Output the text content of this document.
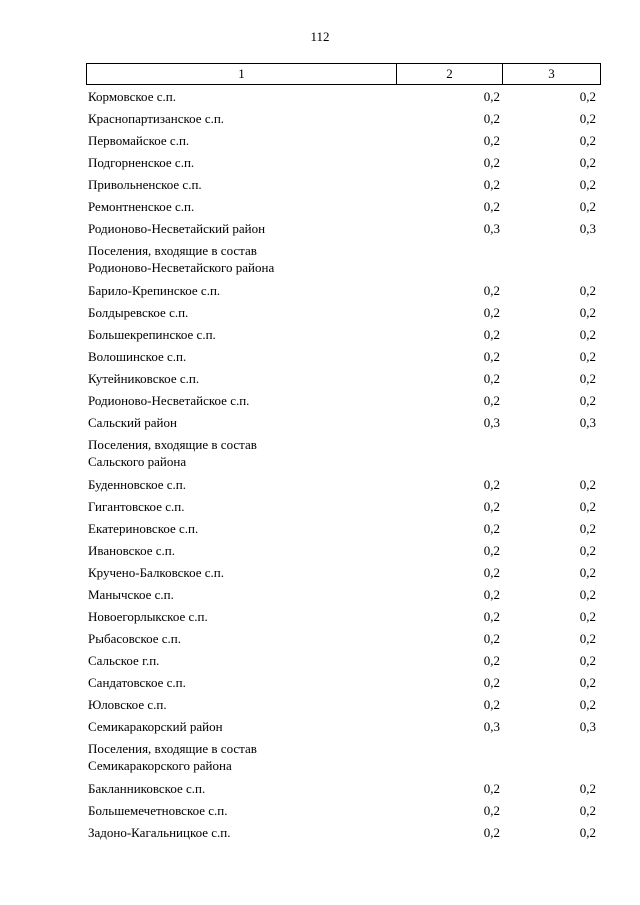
112
1	2	3
Кормовское с.п.	0,2	0,2
Краснопартизанское с.п.	0,2	0,2
Первомайское с.п.	0,2	0,2
Подгорненское с.п.	0,2	0,2
Привольненское с.п.	0,2	0,2
Ремонтненское с.п.	0,2	0,2
Родионово-Несветайский район	0,3	0,3
Поселения, входящие в состав
Родионово-Несветайского района
Барило-Крепинское с.п.	0,2	0,2
Болдыревское с.п.	0,2	0,2
Большекрепинское с.п.	0,2	0,2
Волошинское с.п.	0,2	0,2
Кутейниковское с.п.	0,2	0,2
Родионово-Несветайское с.п.	0,2	0,2
Сальский район	0,3	0,3
Поселения, входящие в состав
Сальского района
Буденновское с.п.	0,2	0,2
Гигантовское с.п.	0,2	0,2
Екатериновское с.п.	0,2	0,2
Ивановское с.п.	0,2	0,2
Кручено-Балковское с.п.	0,2	0,2
Манычское с.п.	0,2	0,2
Новоегорлыкское с.п.	0,2	0,2
Рыбасовское с.п.	0,2	0,2
Сальское г.п.	0,2	0,2
Сандатовское с.п.	0,2	0,2
Юловское с.п.	0,2	0,2
Семикаракорский район	0,3	0,3
Поселения, входящие в состав
Семикаракорского района
Бакланниковское с.п.	0,2	0,2
Большемечетновское с.п.	0,2	0,2
Задоно-Кагальницкое с.п.	0,2	0,2
